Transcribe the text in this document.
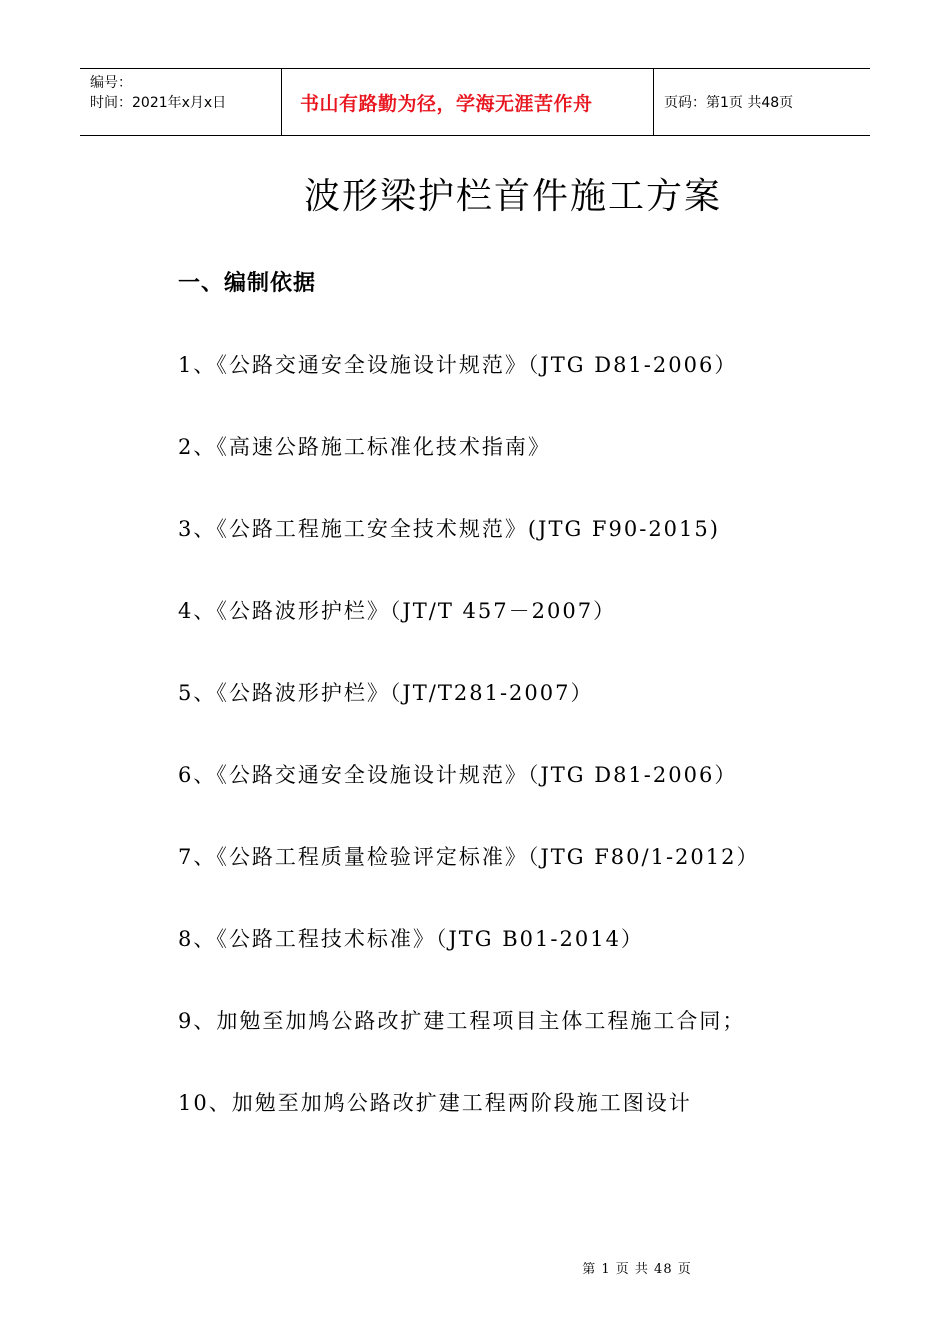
编号：
时间：2021年x月x日	书山有路勤为径，学海无涯苦作舟	页码：第1页 共48页
波形梁护栏首件施工方案
一、编制依据
1、《公路交通安全设施设计规范》（JTG D81-2006）
2、《高速公路施工标准化技术指南》
3、《公路工程施工安全技术规范》(JTG F90-2015)
4、《公路波形护栏》（JT/T 457－2007）
5、《公路波形护栏》（JT/T281-2007）
6、《公路交通安全设施设计规范》（JTG D81-2006）
7、《公路工程质量检验评定标准》（JTG F80/1-2012）
8、《公路工程技术标准》（JTG B01-2014）
9、加勉至加鸠公路改扩建工程项目主体工程施工合同；
10、加勉至加鸠公路改扩建工程两阶段施工图设计
第 1 页 共 48 页
